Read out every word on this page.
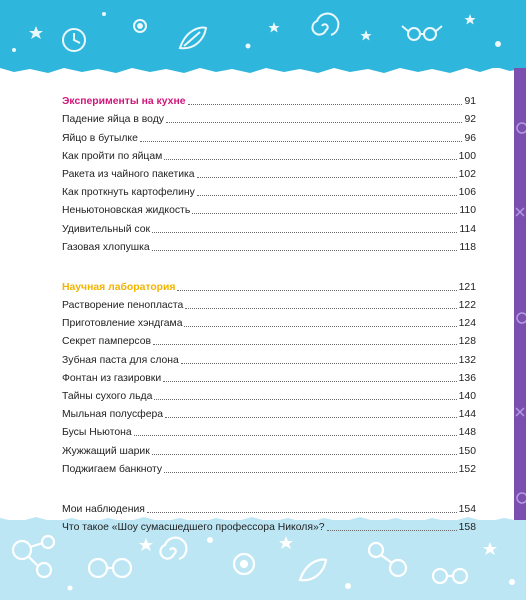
Эксперименты на кухне	91
Падение яйца в воду	92
Яйцо в бутылке	96
Как пройти по яйцам	100
Ракета из чайного пакетика	102
Как проткнуть картофелину	106
Неньютоновская жидкость	110
Удивительный сок	114
Газовая хлопушка	118
Научная лаборатория	121
Растворение пенопласта	122
Приготовление хэндгама	124
Секрет памперсов	128
Зубная паста для слона	132
Фонтан из газировки	136
Тайны сухого льда	140
Мыльная полусфера	144
Бусы Ньютона	148
Жужжащий шарик	150
Поджигаем банкноту	152
Мои наблюдения	154
Что такое «Шоу сумасшедшего профессора Николя»?	158
